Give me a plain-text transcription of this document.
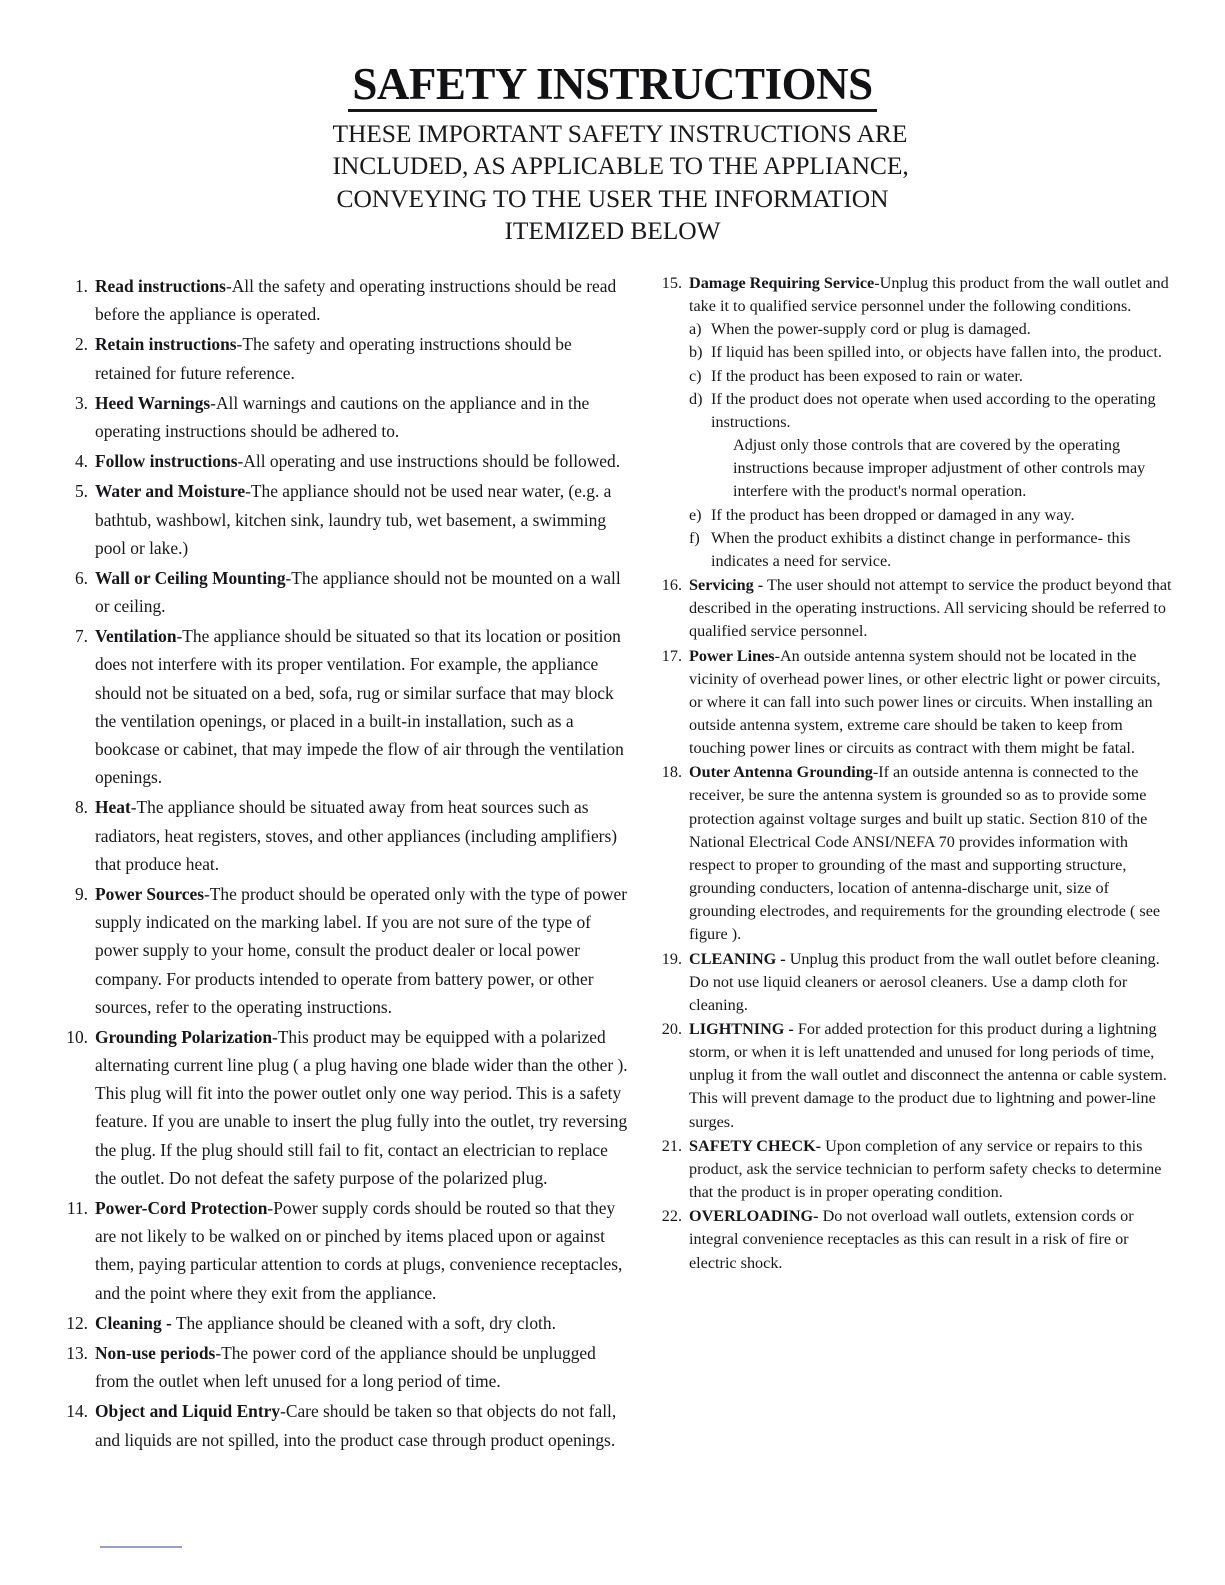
SAFETY INSTRUCTIONS
THESE IMPORTANT SAFETY INSTRUCTIONS ARE
INCLUDED, AS APPLICABLE TO THE APPLIANCE,
CONVEYING TO THE USER THE INFORMATION
ITEMIZED BELOW
1. Read instructions-All the safety and operating instructions should be read before the appliance is operated.
2. Retain instructions-The safety and operating instructions should be retained for future reference.
3. Heed Warnings-All warnings and cautions on the appliance and in the operating instructions should be adhered to.
4. Follow instructions-All operating and use instructions should be followed.
5. Water and Moisture-The appliance should not be used near water, (e.g. a bathtub, washbowl, kitchen sink, laundry tub, wet basement, a swimming pool or lake.)
6. Wall or Ceiling Mounting-The appliance should not be mounted on a wall or ceiling.
7. Ventilation-The appliance should be situated so that its location or position does not interfere with its proper ventilation. For example, the appliance should not be situated on a bed, sofa, rug or similar surface that may block the ventilation openings, or placed in a built-in installation, such as a bookcase or cabinet, that may impede the flow of air through the ventilation openings.
8. Heat-The appliance should be situated away from heat sources such as radiators, heat registers, stoves, and other appliances (including amplifiers) that produce heat.
9. Power Sources-The product should be operated only with the type of power supply indicated on the marking label. If you are not sure of the type of power supply to your home, consult the product dealer or local power company. For products intended to operate from battery power, or other sources, refer to the operating instructions.
10. Grounding Polarization-This product may be equipped with a polarized alternating current line plug ( a plug having one blade wider than the other ). This plug will fit into the power outlet only one way period. This is a safety feature. If you are unable to insert the plug fully into the outlet, try reversing the plug. If the plug should still fail to fit, contact an electrician to replace the outlet. Do not defeat the safety purpose of the polarized plug.
11. Power-Cord Protection-Power supply cords should be routed so that they are not likely to be walked on or pinched by items placed upon or against them, paying particular attention to cords at plugs, convenience receptacles, and the point where they exit from the appliance.
12. Cleaning - The appliance should be cleaned with a soft, dry cloth.
13. Non-use periods-The power cord of the appliance should be unplugged from the outlet when left unused for a long period of time.
14. Object and Liquid Entry-Care should be taken so that objects do not fall, and liquids are not spilled, into the product case through product openings.
15. Damage Requiring Service-Unplug this product from the wall outlet and take it to qualified service personnel under the following conditions.
a) When the power-supply cord or plug is damaged.
b) If liquid has been spilled into, or objects have fallen into, the product.
c) If the product has been exposed to rain or water.
d) If the product does not operate when used according to the operating instructions.
Adjust only those controls that are covered by the operating instructions because improper adjustment of other controls may interfere with the product's normal operation.
e) If the product has been dropped or damaged in any way.
f) When the product exhibits a distinct change in performance- this indicates a need for service.
16. Servicing - The user should not attempt to service the product beyond that described in the operating instructions. All servicing should be referred to qualified service personnel.
17. Power Lines-An outside antenna system should not be located in the vicinity of overhead power lines, or other electric light or power circuits, or where it can fall into such power lines or circuits. When installing an outside antenna system, extreme care should be taken to keep from touching power lines or circuits as contract with them might be fatal.
18. Outer Antenna Grounding-If an outside antenna is connected to the receiver, be sure the antenna system is grounded so as to provide some protection against voltage surges and built up static. Section 810 of the National Electrical Code ANSI/NEFA 70 provides information with respect to proper to grounding of the mast and supporting structure, grounding conducters, location of antenna-discharge unit, size of grounding electrodes, and requirements for the grounding electrode ( see figure ).
19. CLEANING - Unplug this product from the wall outlet before cleaning. Do not use liquid cleaners or aerosol cleaners. Use a damp cloth for cleaning.
20. LIGHTNING - For added protection for this product during a lightning storm, or when it is left unattended and unused for long periods of time, unplug it from the wall outlet and disconnect the antenna or cable system. This will prevent damage to the product due to lightning and power-line surges.
21. SAFETY CHECK- Upon completion of any service or repairs to this product, ask the service technician to perform safety checks to determine that the product is in proper operating condition.
22. OVERLOADING- Do not overload wall outlets, extension cords or integral convenience receptacles as this can result in a risk of fire or electric shock.
